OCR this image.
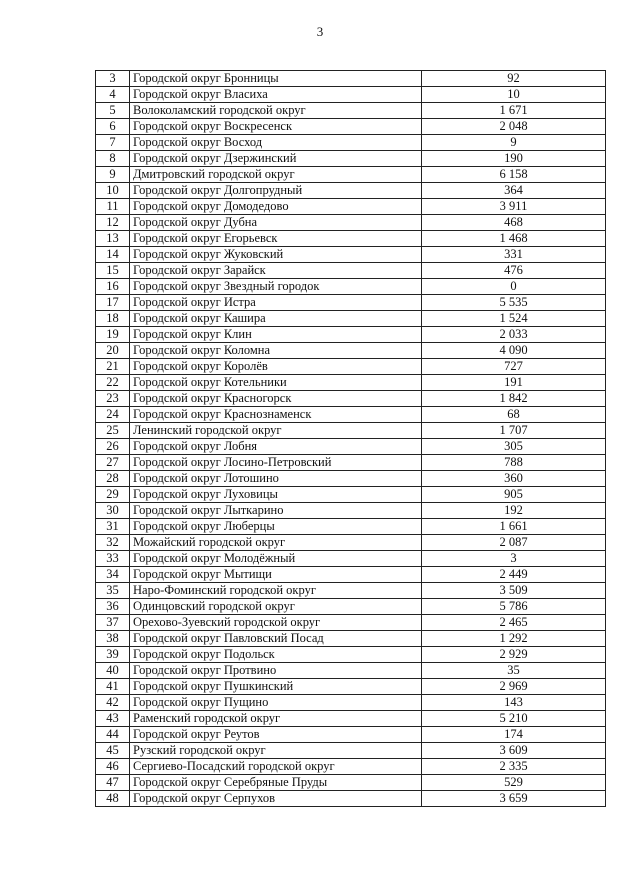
3
3	Городской округ Бронницы	92
4	Городской округ Власиха	10
5	Волоколамский городской округ	1 671
6	Городской округ Воскресенск	2 048
7	Городской округ Восход	9
8	Городской округ Дзержинский	190
9	Дмитровский городской округ	6 158
10	Городской округ Долгопрудный	364
11	Городской округ Домодедово	3 911
12	Городской округ Дубна	468
13	Городской округ Егорьевск	1 468
14	Городской округ Жуковский	331
15	Городской округ Зарайск	476
16	Городской округ Звездный городок	0
17	Городской округ Истра	5 535
18	Городской округ Кашира	1 524
19	Городской округ Клин	2 033
20	Городской округ Коломна	4 090
21	Городской округ Королёв	727
22	Городской округ Котельники	191
23	Городской округ Красногорск	1 842
24	Городской округ Краснознаменск	68
25	Ленинский городской округ	1 707
26	Городской округ Лобня	305
27	Городской округ Лосино-Петровский	788
28	Городской округ Лотошино	360
29	Городской округ Луховицы	905
30	Городской округ Лыткарино	192
31	Городской округ Люберцы	1 661
32	Можайский городской округ	2 087
33	Городской округ Молодёжный	3
34	Городской округ Мытищи	2 449
35	Наро-Фоминский городской округ	3 509
36	Одинцовский городской округ	5 786
37	Орехово-Зуевский городской округ	2 465
38	Городской округ Павловский Посад	1 292
39	Городской округ Подольск	2 929
40	Городской округ Протвино	35
41	Городской округ Пушкинский	2 969
42	Городской округ Пущино	143
43	Раменский городской округ	5 210
44	Городской округ Реутов	174
45	Рузский городской округ	3 609
46	Сергиево-Посадский городской округ	2 335
47	Городской округ Серебряные Пруды	529
48	Городской округ Серпухов	3 659
